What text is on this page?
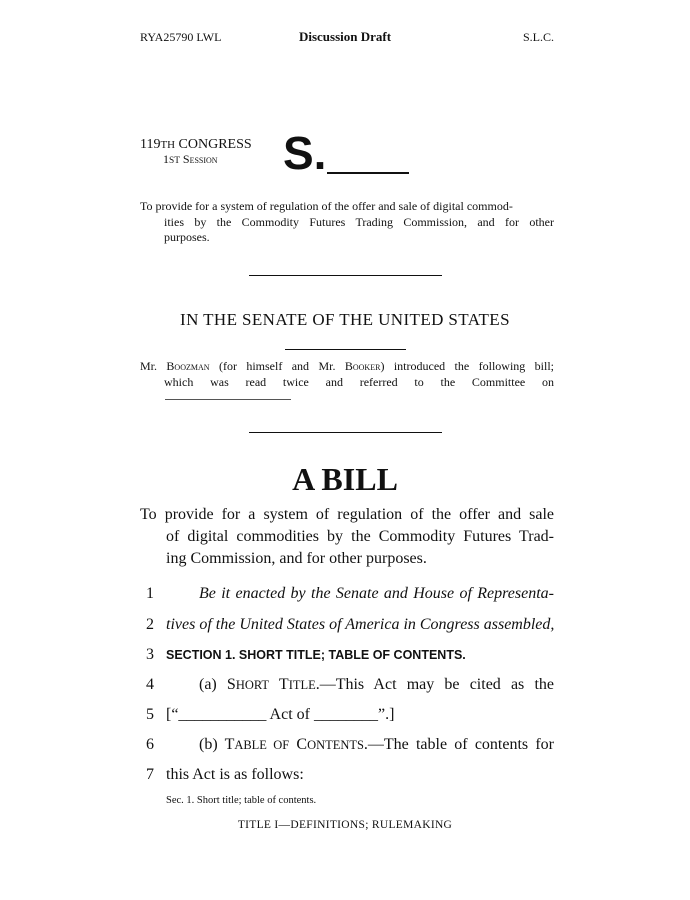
RYA25790 LWL	Discussion Draft	S.L.C.
119TH CONGRESS
1ST Session S.
To provide for a system of regulation of the offer and sale of digital commod-
ities by the Commodity Futures Trading Commission, and for other
purposes.
IN THE SENATE OF THE UNITED STATES
Mr. Boozman (for himself and Mr. Booker) introduced the following bill;
which was read twice and referred to the Committee on
A BILL
To provide for a system of regulation of the offer and sale
of digital commodities by the Commodity Futures Trad-
ing Commission, and for other purposes.
1	Be it enacted by the Senate and House of Representa-
2 tives of the United States of America in Congress assembled,
3 SECTION 1. SHORT TITLE; TABLE OF CONTENTS.
4	(a) SHORT TITLE.—This Act may be cited as the
5 [“___________ Act of ________”.]
6	(b) TABLE OF CONTENTS.—The table of contents for
7 this Act is as follows:
Sec. 1. Short title; table of contents.
TITLE I—DEFINITIONS; RULEMAKING
